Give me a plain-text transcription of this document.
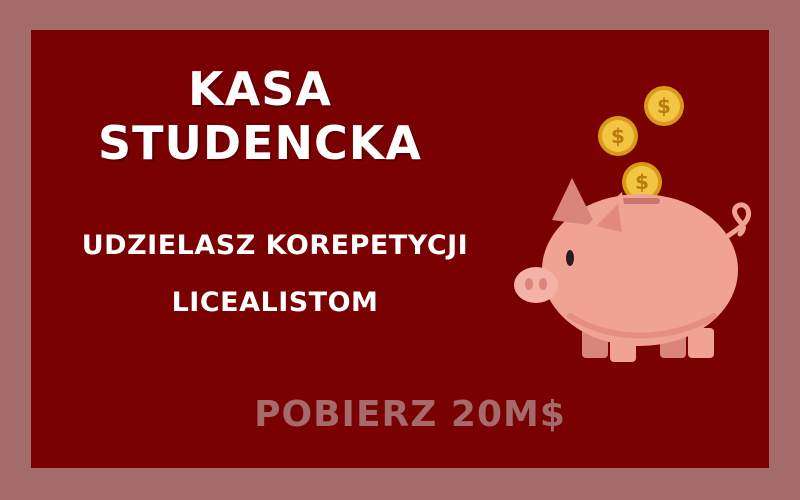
KASA
STUDENCKA
UDZIELASZ KOREPETYCJI
LICEALISTOM
POBIERZ 20M$
$
$
$
